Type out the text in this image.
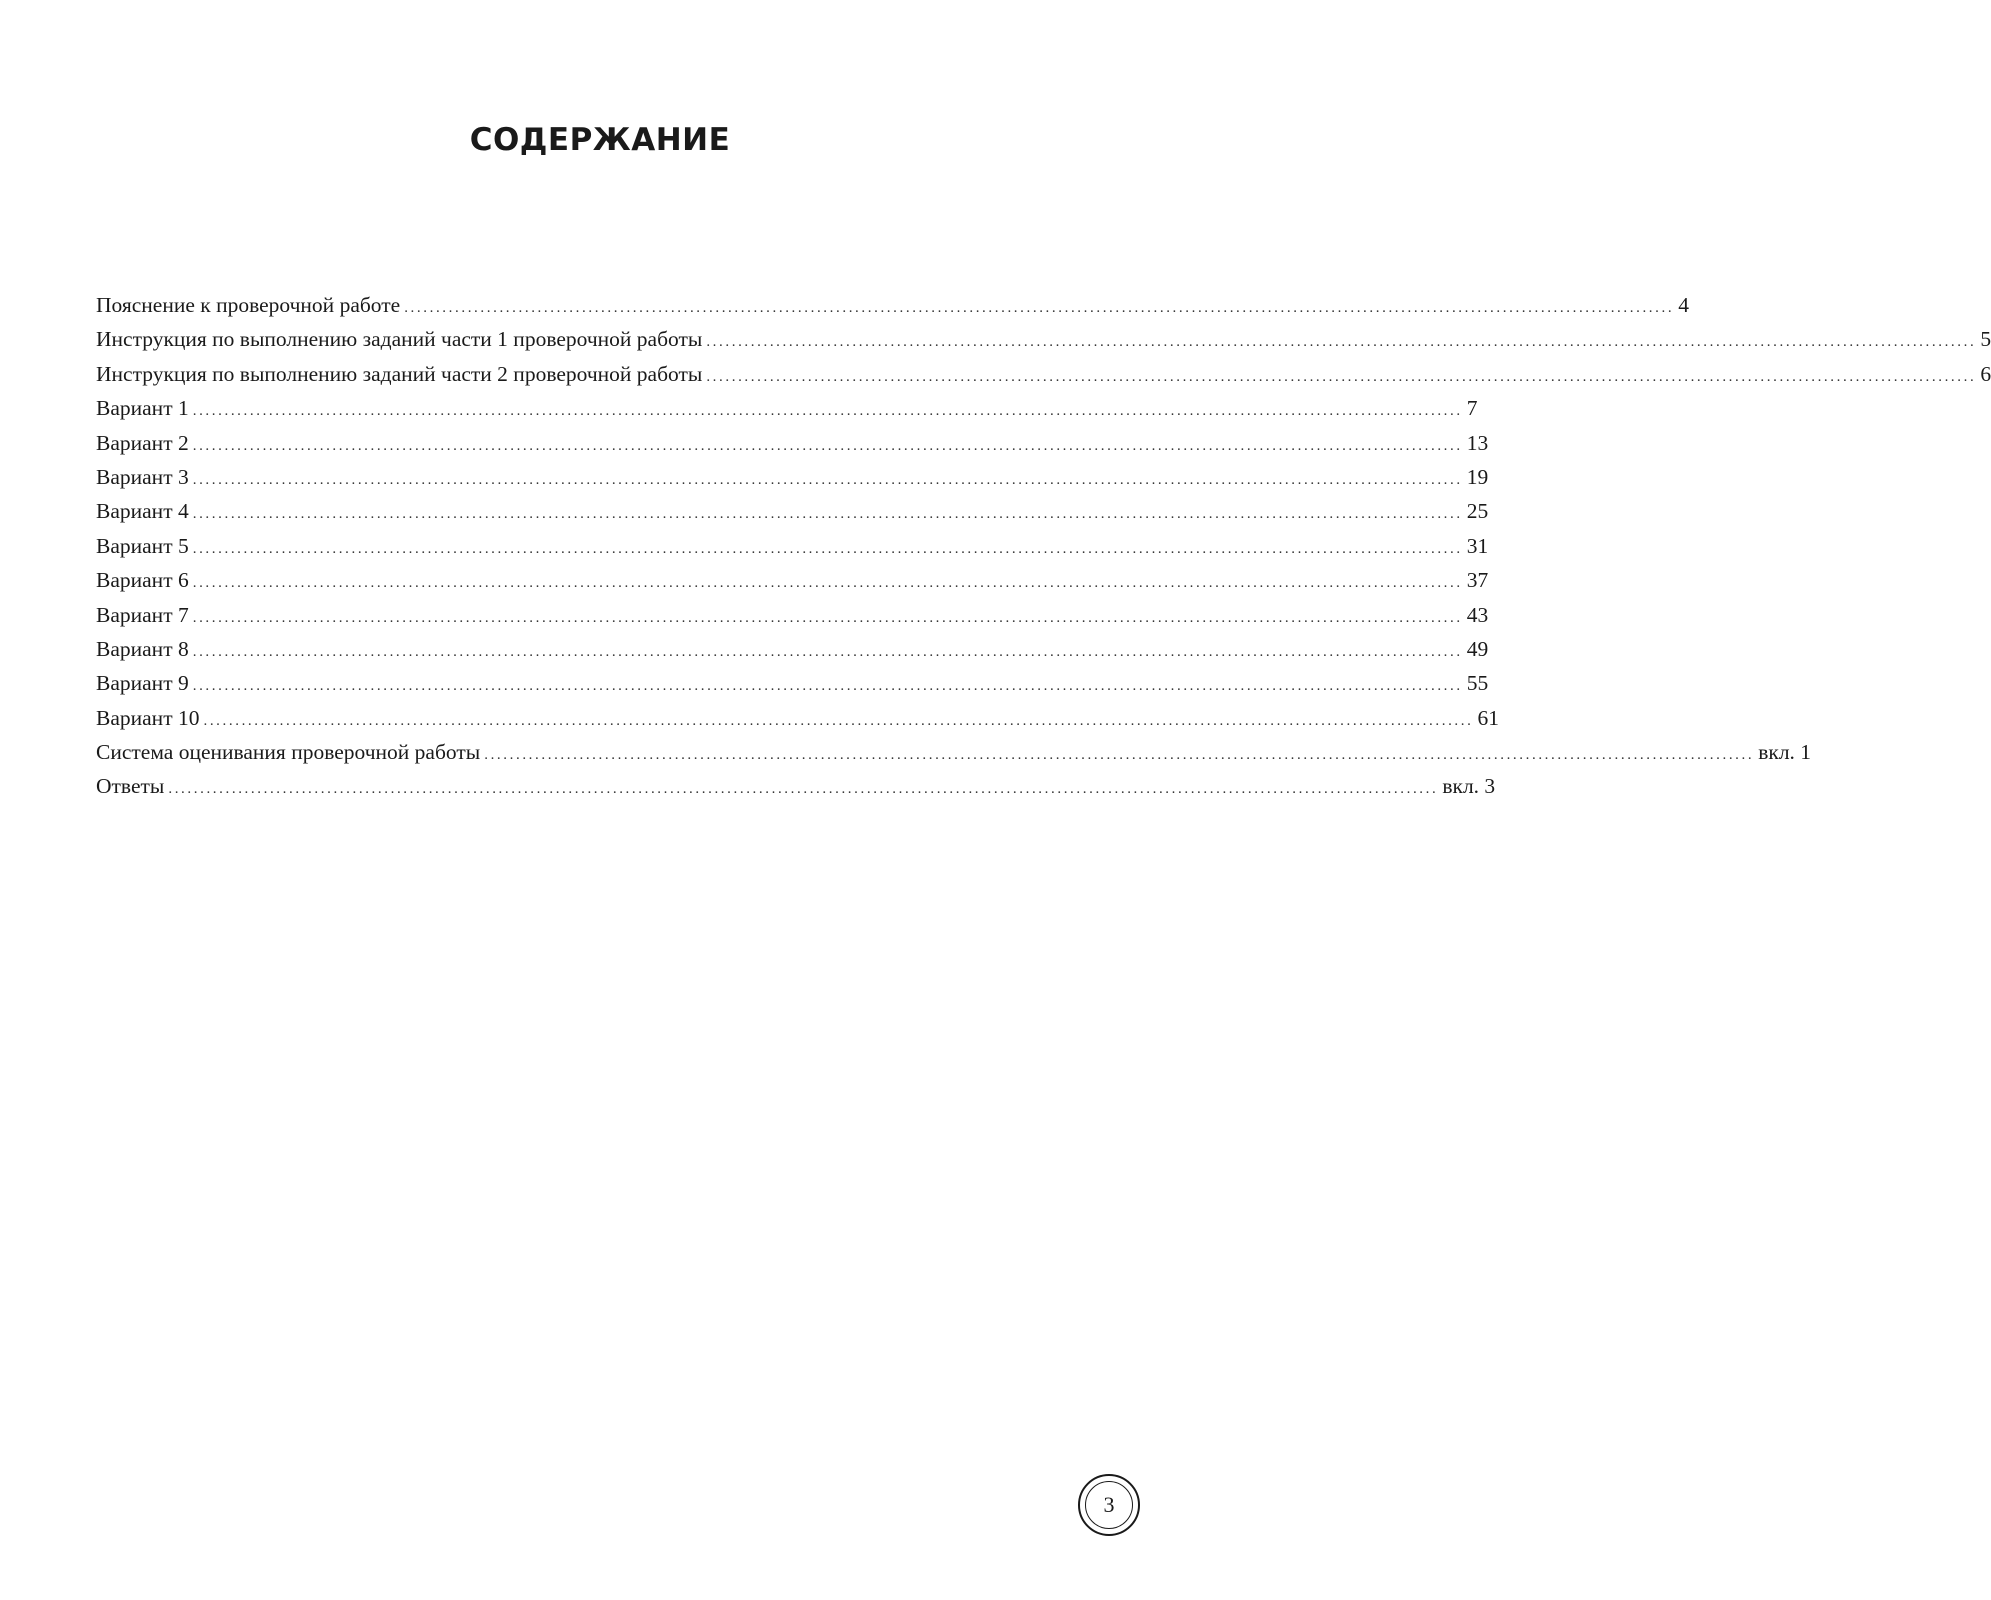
СОДЕРЖАНИЕ
Пояснение к проверочной работе ........................................................................................................................................................................................................ 4
Инструкция по выполнению заданий части 1 проверочной работы ........................................................................................................................................................................................................ 5
Инструкция по выполнению заданий части 2 проверочной работы ........................................................................................................................................................................................................ 6
Вариант 1 ........................................................................................................................................................................................................ 7
Вариант 2 ........................................................................................................................................................................................................ 13
Вариант 3 ........................................................................................................................................................................................................ 19
Вариант 4 ........................................................................................................................................................................................................ 25
Вариант 5 ........................................................................................................................................................................................................ 31
Вариант 6 ........................................................................................................................................................................................................ 37
Вариант 7 ........................................................................................................................................................................................................ 43
Вариант 8 ........................................................................................................................................................................................................ 49
Вариант 9 ........................................................................................................................................................................................................ 55
Вариант 10 ........................................................................................................................................................................................................ 61
Система оценивания проверочной работы ........................................................................................................................................................................................................ вкл. 1
Ответы ........................................................................................................................................................................................................ вкл. 3
3
